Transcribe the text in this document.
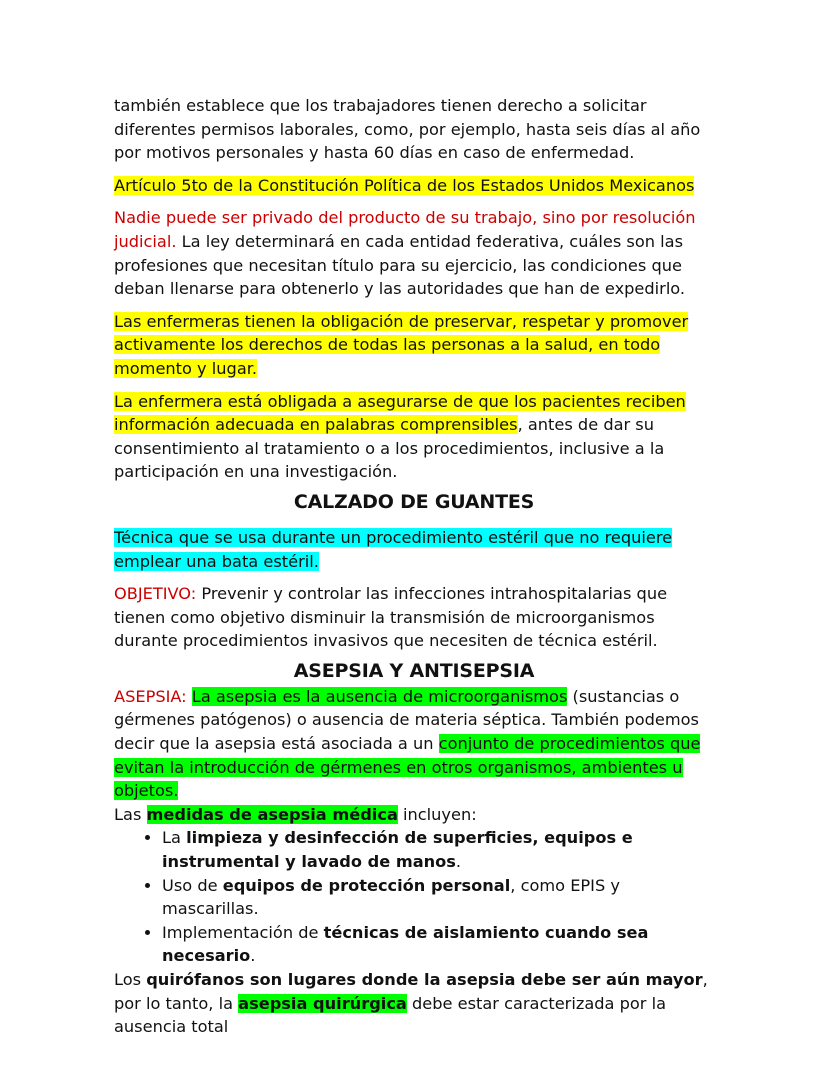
también establece que los trabajadores tienen derecho a solicitar diferentes permisos laborales, como, por ejemplo, hasta seis días al año por motivos personales y hasta 60 días en caso de enfermedad.

Artículo 5to de la Constitución Política de los Estados Unidos Mexicanos

Nadie puede ser privado del producto de su trabajo, sino por resolución judicial. La ley determinará en cada entidad federativa, cuáles son las profesiones que necesitan título para su ejercicio, las condiciones que deban llenarse para obtenerlo y las autoridades que han de expedirlo.

Las enfermeras tienen la obligación de preservar, respetar y promover activamente los derechos de todas las personas a la salud, en todo momento y lugar.

La enfermera está obligada a asegurarse de que los pacientes reciben información adecuada en palabras comprensibles, antes de dar su consentimiento al tratamiento o a los procedimientos, inclusive a la participación en una investigación.

CALZADO DE GUANTES

Técnica que se usa durante un procedimiento estéril que no requiere emplear una bata estéril.

OBJETIVO: Prevenir y controlar las infecciones intrahospitalarias que tienen como objetivo disminuir la transmisión de microorganismos durante procedimientos invasivos que necesiten de técnica estéril.

ASEPSIA Y ANTISEPSIA

ASEPSIA: La asepsia es la ausencia de microorganismos (sustancias o gérmenes patógenos) o ausencia de materia séptica. También podemos decir que la asepsia está asociada a un conjunto de procedimientos que evitan la introducción de gérmenes en otros organismos, ambientes u objetos.

Las medidas de asepsia médica incluyen:

• La limpieza y desinfección de superficies, equipos e instrumental y lavado de manos.
• Uso de equipos de protección personal, como EPIS y mascarillas.
• Implementación de técnicas de aislamiento cuando sea necesario.

Los quirófanos son lugares donde la asepsia debe ser aún mayor, por lo tanto, la asepsia quirúrgica debe estar caracterizada por la ausencia total
